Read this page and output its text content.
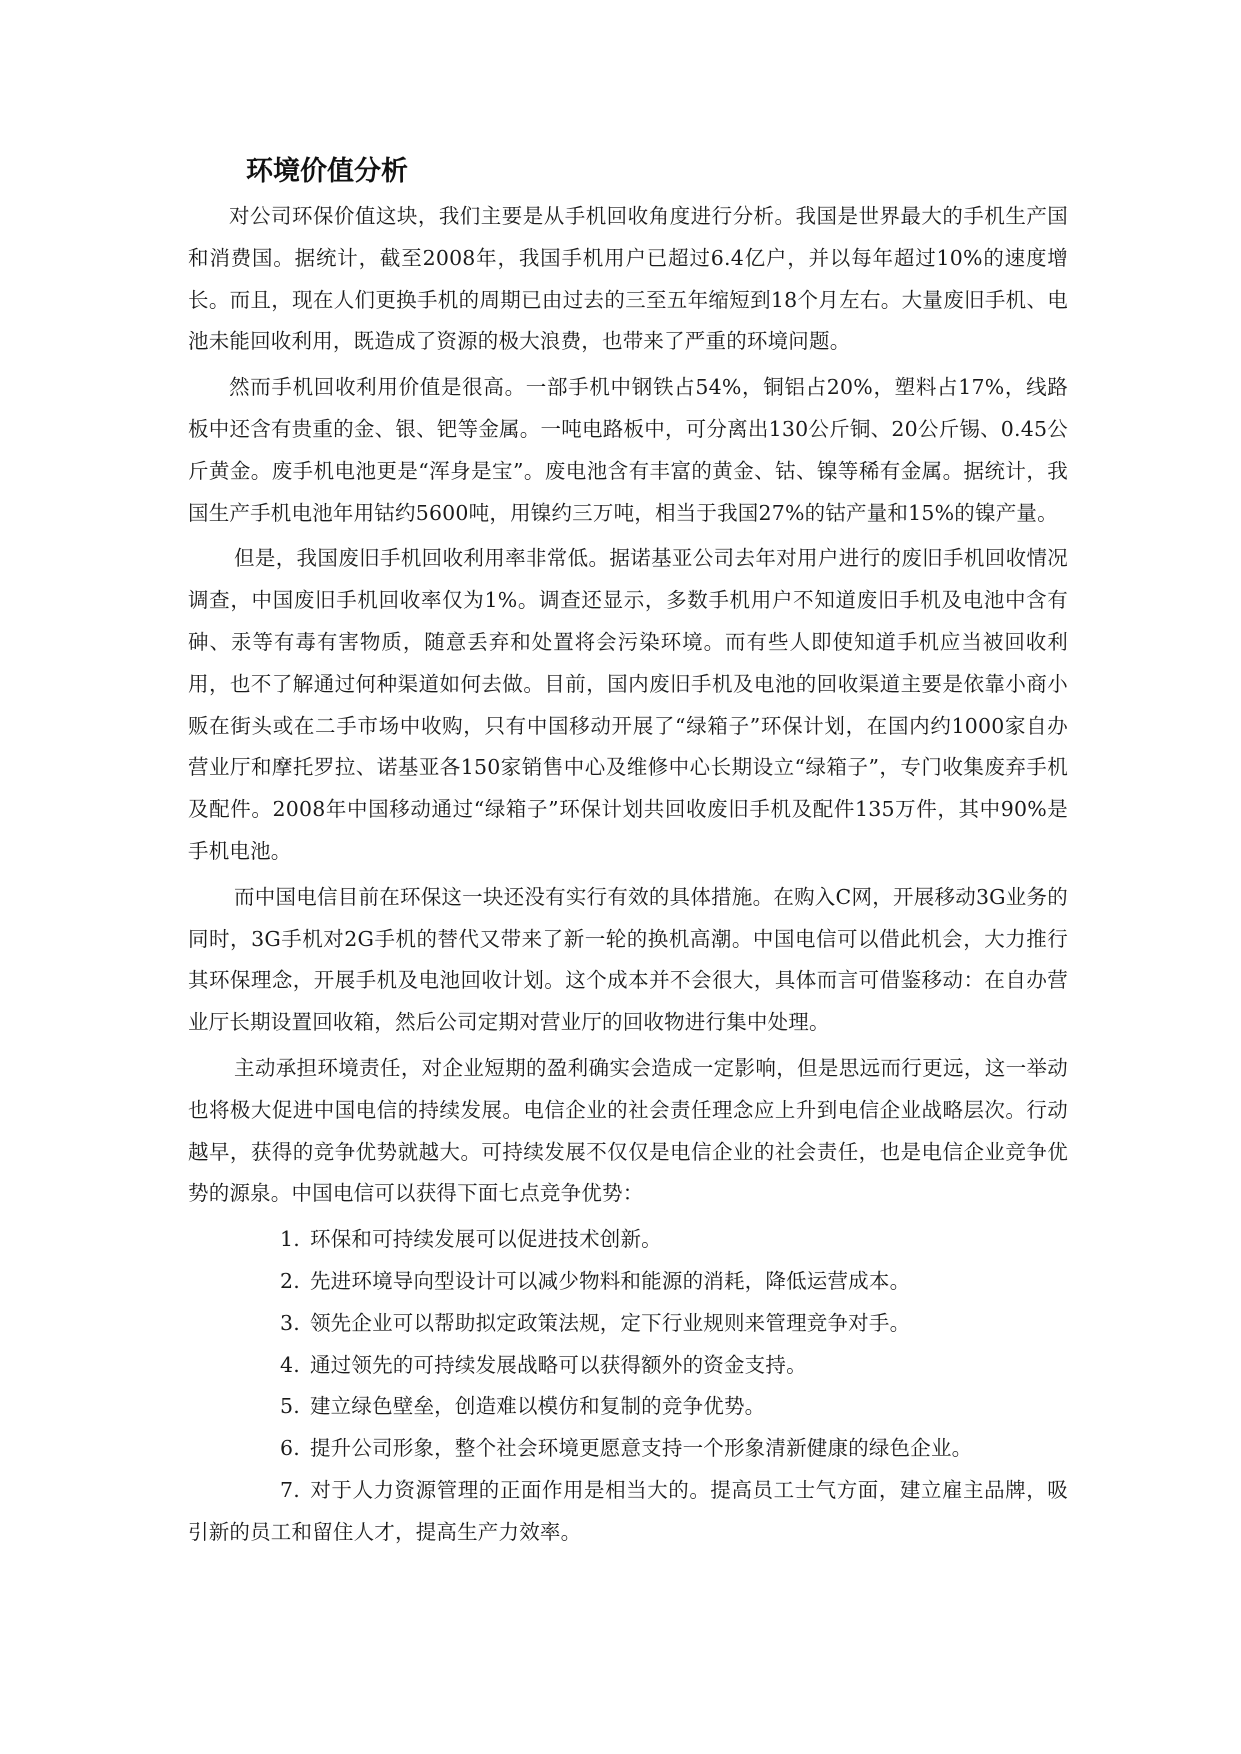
环境价值分析

对公司环保价值这块，我们主要是从手机回收角度进行分析。我国是世界最大的手机生产国和消费国。据统计，截至2008年，我国手机用户已超过6.4亿户，并以每年超过10%的速度增长。而且，现在人们更换手机的周期已由过去的三至五年缩短到18个月左右。大量废旧手机、电池未能回收利用，既造成了资源的极大浪费，也带来了严重的环境问题。

然而手机回收利用价值是很高。一部手机中钢铁占54%，铜铝占20%，塑料占17%，线路板中还含有贵重的金、银、钯等金属。一吨电路板中，可分离出130公斤铜、20公斤锡、0.45公斤黄金。废手机电池更是“浑身是宝”。废电池含有丰富的黄金、钴、镍等稀有金属。据统计，我国生产手机电池年用钴约5600吨，用镍约三万吨，相当于我国27%的钴产量和15%的镍产量。

但是，我国废旧手机回收利用率非常低。据诺基亚公司去年对用户进行的废旧手机回收情况调查，中国废旧手机回收率仅为1%。调查还显示，多数手机用户不知道废旧手机及电池中含有砷、汞等有毒有害物质，随意丢弃和处置将会污染环境。而有些人即使知道手机应当被回收利用，也不了解通过何种渠道如何去做。目前，国内废旧手机及电池的回收渠道主要是依靠小商小贩在街头或在二手市场中收购，只有中国移动开展了“绿箱子”环保计划，在国内约1000家自办营业厅和摩托罗拉、诺基亚各150家销售中心及维修中心长期设立“绿箱子”，专门收集废弃手机及配件。2008年中国移动通过“绿箱子”环保计划共回收废旧手机及配件135万件，其中90%是手机电池。

而中国电信目前在环保这一块还没有实行有效的具体措施。在购入C网，开展移动3G业务的同时，3G手机对2G手机的替代又带来了新一轮的换机高潮。中国电信可以借此机会，大力推行其环保理念，开展手机及电池回收计划。这个成本并不会很大，具体而言可借鉴移动：在自办营业厅长期设置回收箱，然后公司定期对营业厅的回收物进行集中处理。

主动承担环境责任，对企业短期的盈利确实会造成一定影响，但是思远而行更远，这一举动也将极大促进中国电信的持续发展。电信企业的社会责任理念应上升到电信企业战略层次。行动越早，获得的竞争优势就越大。可持续发展不仅仅是电信企业的社会责任，也是电信企业竞争优势的源泉。中国电信可以获得下面七点竞争优势：

1. 环保和可持续发展可以促进技术创新。
2. 先进环境导向型设计可以减少物料和能源的消耗，降低运营成本。
3. 领先企业可以帮助拟定政策法规，定下行业规则来管理竞争对手。
4. 通过领先的可持续发展战略可以获得额外的资金支持。
5. 建立绿色壁垒，创造难以模仿和复制的竞争优势。
6. 提升公司形象，整个社会环境更愿意支持一个形象清新健康的绿色企业。
7. 对于人力资源管理的正面作用是相当大的。提高员工士气方面，建立雇主品牌，吸引新的员工和留住人才，提高生产力效率。
